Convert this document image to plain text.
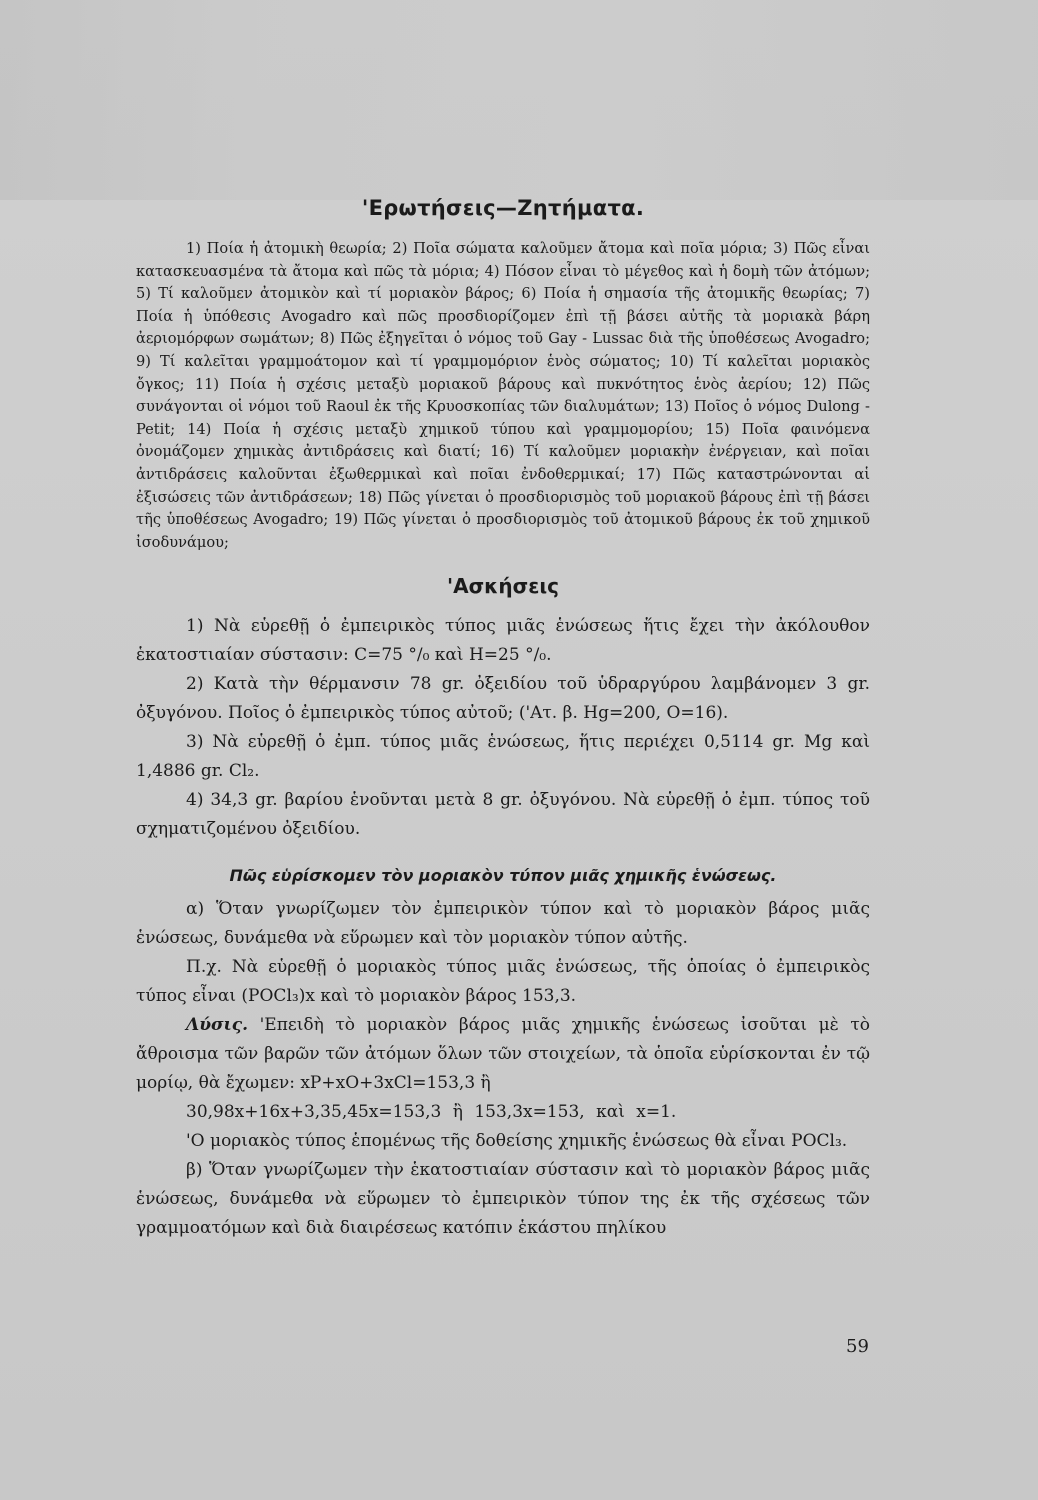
'Ερωτήσεις—Ζητήματα.

1) Ποία ἡ ἀτομικὴ θεωρία; 2) Ποῖα σώματα καλοῦμεν ἄτομα καὶ ποῖα μόρια; 3) Πῶς εἶναι κατασκευασμένα τὰ ἄτομα καὶ πῶς τὰ μόρια; 4) Πόσον εἶναι τὸ μέγεθος καὶ ἡ δομὴ τῶν ἀτόμων; 5) Τί καλοῦμεν ἀτομικὸν καὶ τί μοριακὸν βάρος; 6) Ποία ἡ σημασία τῆς ἀτομικῆς θεωρίας; 7) Ποία ἡ ὑπόθεσις Avogadro καὶ πῶς προσδιορίζομεν ἐπὶ τῇ βάσει αὐτῆς τὰ μοριακὰ βάρη ἀεριομόρφων σωμάτων; 8) Πῶς ἐξηγεῖται ὁ νόμος τοῦ Gay - Lussac διὰ τῆς ὑποθέσεως Avogadro; 9) Τί καλεῖται γραμμοάτομον καὶ τί γραμμομόριον ἑνὸς σώματος; 10) Τί καλεῖται μοριακὸς ὄγκος; 11) Ποία ἡ σχέσις μεταξὺ μοριακοῦ βάρους καὶ πυκνότητος ἑνὸς ἀερίου; 12) Πῶς συνάγονται οἱ νόμοι τοῦ Raoul ἐκ τῆς Κρυοσκοπίας τῶν διαλυμάτων; 13) Ποῖος ὁ νόμος Dulong - Petit; 14) Ποία ἡ σχέσις μεταξὺ χημικοῦ τύπου καὶ γραμμομορίου; 15) Ποῖα φαινόμενα ὀνομάζομεν χημικὰς ἀντιδράσεις καὶ διατί; 16) Τί καλοῦμεν μοριακὴν ἐνέργειαν, καὶ ποῖαι ἀντιδράσεις καλοῦνται ἐξωθερμικαὶ καὶ ποῖαι ἐνδοθερμικαί; 17) Πῶς καταστρώνονται αἱ ἐξισώσεις τῶν ἀντιδράσεων; 18) Πῶς γίνεται ὁ προσδιορισμὸς τοῦ μοριακοῦ βάρους ἐπὶ τῇ βάσει τῆς ὑποθέσεως Avogadro; 19) Πῶς γίνεται ὁ προσδιορισμὸς τοῦ ἀτομικοῦ βάρους ἐκ τοῦ χημικοῦ ἰσοδυνάμου;

'Ασκήσεις

1) Νὰ εὑρεθῇ ὁ ἐμπειρικὸς τύπος μιᾶς ἑνώσεως ἥτις ἔχει τὴν ἀκόλουθον ἑκατοστιαίαν σύστασιν: C=75 °/₀ καὶ H=25 °/₀.

2) Κατὰ τὴν θέρμανσιν 78 gr. ὀξειδίου τοῦ ὑδραργύρου λαμβάνομεν 3 gr. ὀξυγόνου. Ποῖος ὁ ἐμπειρικὸς τύπος αὐτοῦ; ('Ατ. β. Hg=200, O=16).

3) Νὰ εὑρεθῇ ὁ ἐμπ. τύπος μιᾶς ἑνώσεως, ἥτις περιέχει 0,5114 gr. Mg καὶ 1,4886 gr. Cl₂.

4) 34,3 gr. βαρίου ἑνοῦνται μετὰ 8 gr. ὀξυγόνου. Νὰ εὑρεθῇ ὁ ἐμπ. τύπος τοῦ σχηματιζομένου ὀξειδίου.

Πῶς εὑρίσκομεν τὸν μοριακὸν τύπον μιᾶς χημικῆς ἑνώσεως.

α) Ὅταν γνωρίζωμεν τὸν ἐμπειρικὸν τύπον καὶ τὸ μοριακὸν βάρος μιᾶς ἑνώσεως, δυνάμεθα νὰ εὕρωμεν καὶ τὸν μοριακὸν τύπον αὐτῆς.

Π.χ. Νὰ εὑρεθῇ ὁ μοριακὸς τύπος μιᾶς ἑνώσεως, τῆς ὁποίας ὁ ἐμπειρικὸς τύπος εἶναι (POCl₃)x καὶ τὸ μοριακὸν βάρος 153,3.

Λύσις. 'Επειδὴ τὸ μοριακὸν βάρος μιᾶς χημικῆς ἑνώσεως ἰσοῦται μὲ τὸ ἄθροισμα τῶν βαρῶν τῶν ἀτόμων ὅλων τῶν στοιχείων, τὰ ὁποῖα εὑρίσκονται ἐν τῷ μορίῳ, θὰ ἔχωμεν: xP+xO+3xCl=153,3 ἢ

30,98x+16x+3,35,45x=153,3 ἢ 153,3x=153, καὶ x=1.

'Ο μοριακὸς τύπος ἑπομένως τῆς δοθείσης χημικῆς ἑνώσεως θὰ εἶναι POCl₃.

β) Ὅταν γνωρίζωμεν τὴν ἑκατοστιαίαν σύστασιν καὶ τὸ μοριακὸν βάρος μιᾶς ἑνώσεως, δυνάμεθα νὰ εὕρωμεν τὸ ἐμπειρικὸν τύπον της ἐκ τῆς σχέσεως τῶν γραμμοατόμων καὶ διὰ διαιρέσεως κατόπιν ἑκάστου πηλίκου

59
